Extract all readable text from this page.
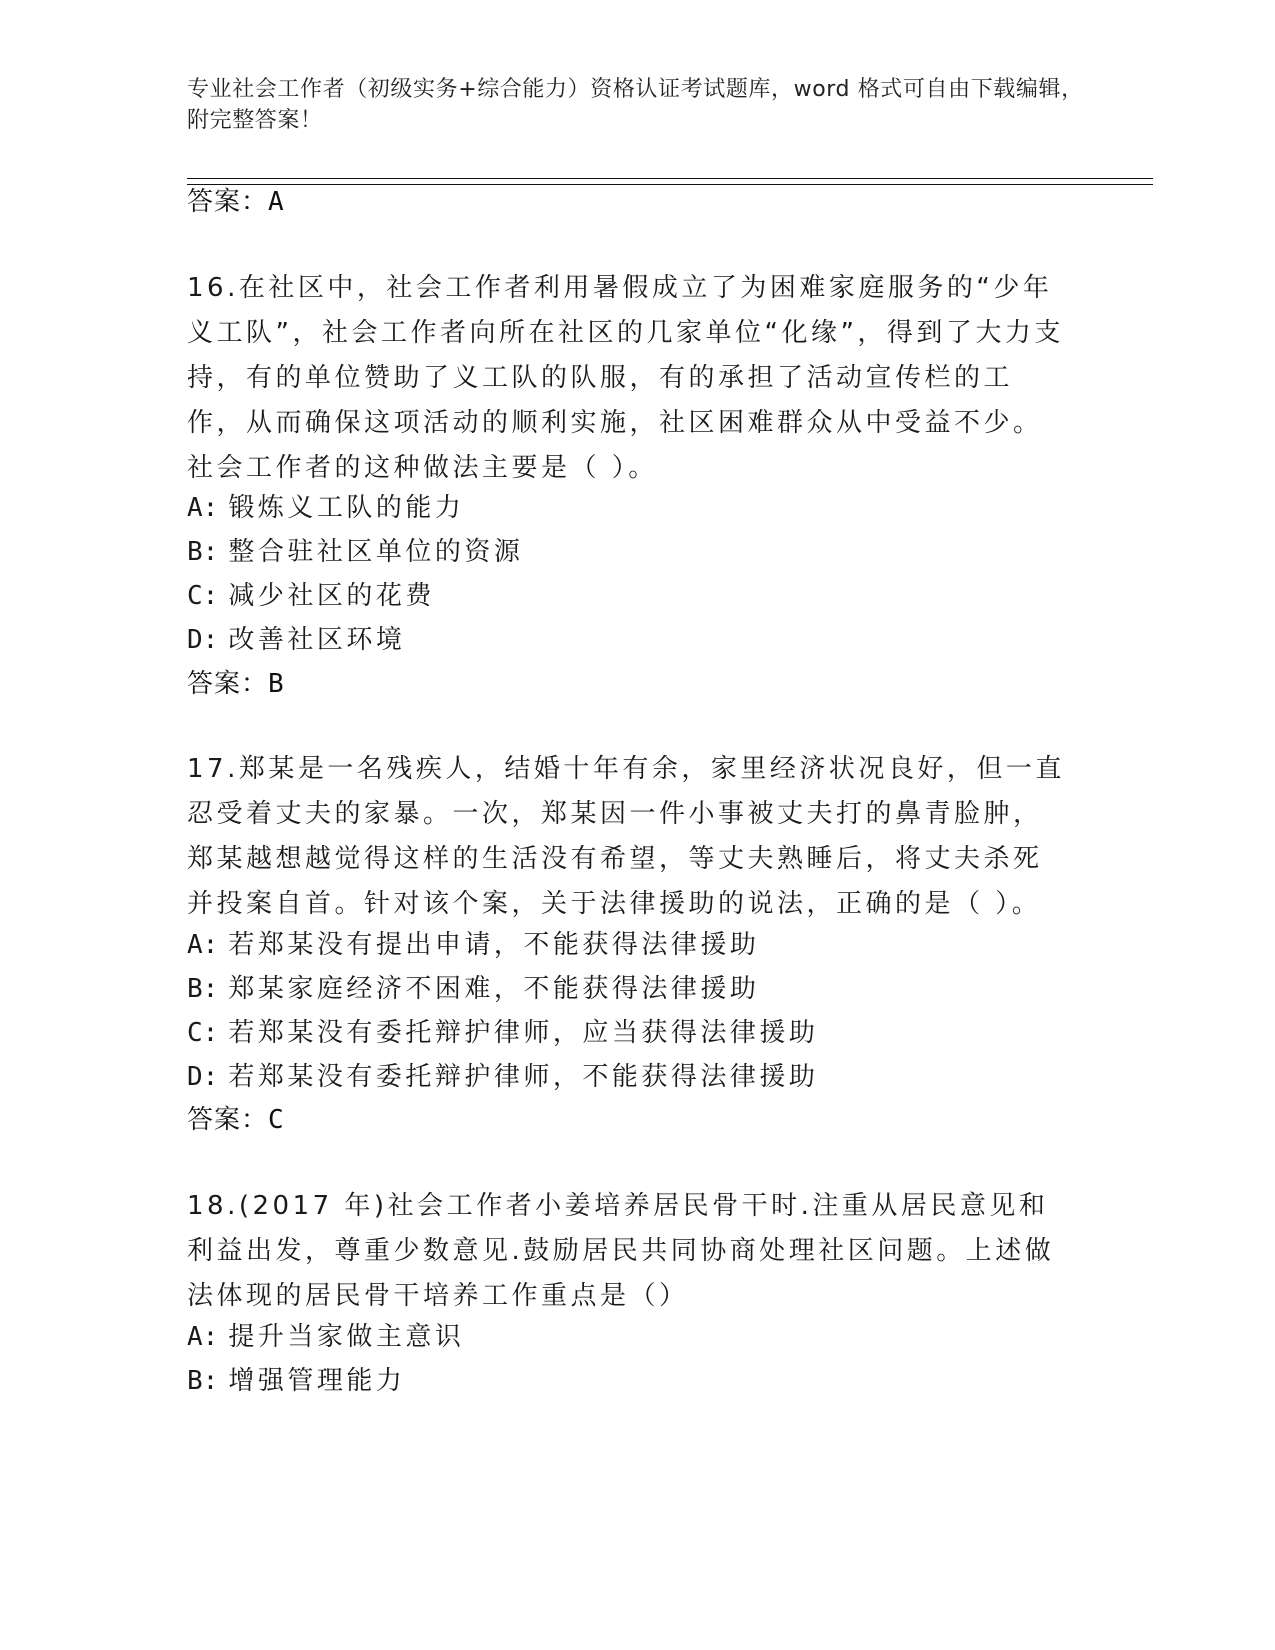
专业社会工作者（初级实务+综合能力）资格认证考试题库，word 格式可自由下载编辑，附完整答案！
答案：A
16.在社区中，社会工作者利用暑假成立了为困难家庭服务的“少年义工队”，社会工作者向所在社区的几家单位“化缘”，得到了大力支持，有的单位赞助了义工队的队服，有的承担了活动宣传栏的工作，从而确保这项活动的顺利实施，社区困难群众从中受益不少。社会工作者的这种做法主要是（ ）。
A: 锻炼义工队的能力
B: 整合驻社区单位的资源
C: 减少社区的花费
D: 改善社区环境
答案：B
17.郑某是一名残疾人，结婚十年有余，家里经济状况良好，但一直忍受着丈夫的家暴。一次，郑某因一件小事被丈夫打的鼻青脸肿，郑某越想越觉得这样的生活没有希望，等丈夫熟睡后，将丈夫杀死并投案自首。针对该个案，关于法律援助的说法，正确的是（ ）。
A: 若郑某没有提出申请，不能获得法律援助
B: 郑某家庭经济不困难，不能获得法律援助
C: 若郑某没有委托辩护律师，应当获得法律援助
D: 若郑某没有委托辩护律师，不能获得法律援助
答案：C
18.(2017 年)社会工作者小姜培养居民骨干时.注重从居民意见和利益出发，尊重少数意见.鼓励居民共同协商处理社区问题。上述做法体现的居民骨干培养工作重点是（）
A: 提升当家做主意识
B: 增强管理能力
